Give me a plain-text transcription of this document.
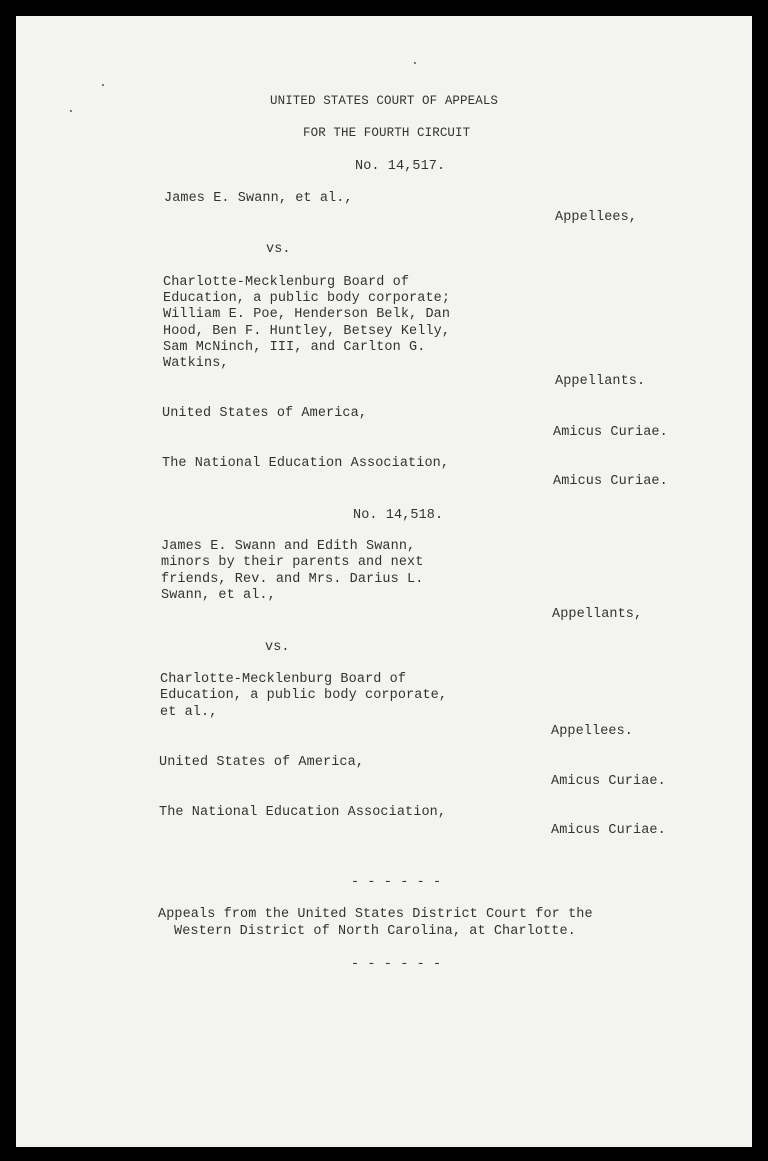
UNITED STATES COURT OF APPEALS
FOR THE FOURTH CIRCUIT
No. 14,517.
James E. Swann, et al.,
Appellees,
vs.
Charlotte-Mecklenburg Board of
Education, a public body corporate;
William E. Poe, Henderson Belk, Dan
Hood, Ben F. Huntley, Betsey Kelly,
Sam McNinch, III, and Carlton G.
Watkins,
Appellants.
United States of America,
Amicus Curiae.
The National Education Association,
Amicus Curiae.
No. 14,518.
James E. Swann and Edith Swann,
minors by their parents and next
friends, Rev. and Mrs. Darius L.
Swann, et al.,
Appellants,
vs.
Charlotte-Mecklenburg Board of
Education, a public body corporate,
et al.,
Appellees.
United States of America,
Amicus Curiae.
The National Education Association,
Amicus Curiae.
- - - - - -
Appeals from the United States District Court for the
Western District of North Carolina, at Charlotte.
- - - - - -
